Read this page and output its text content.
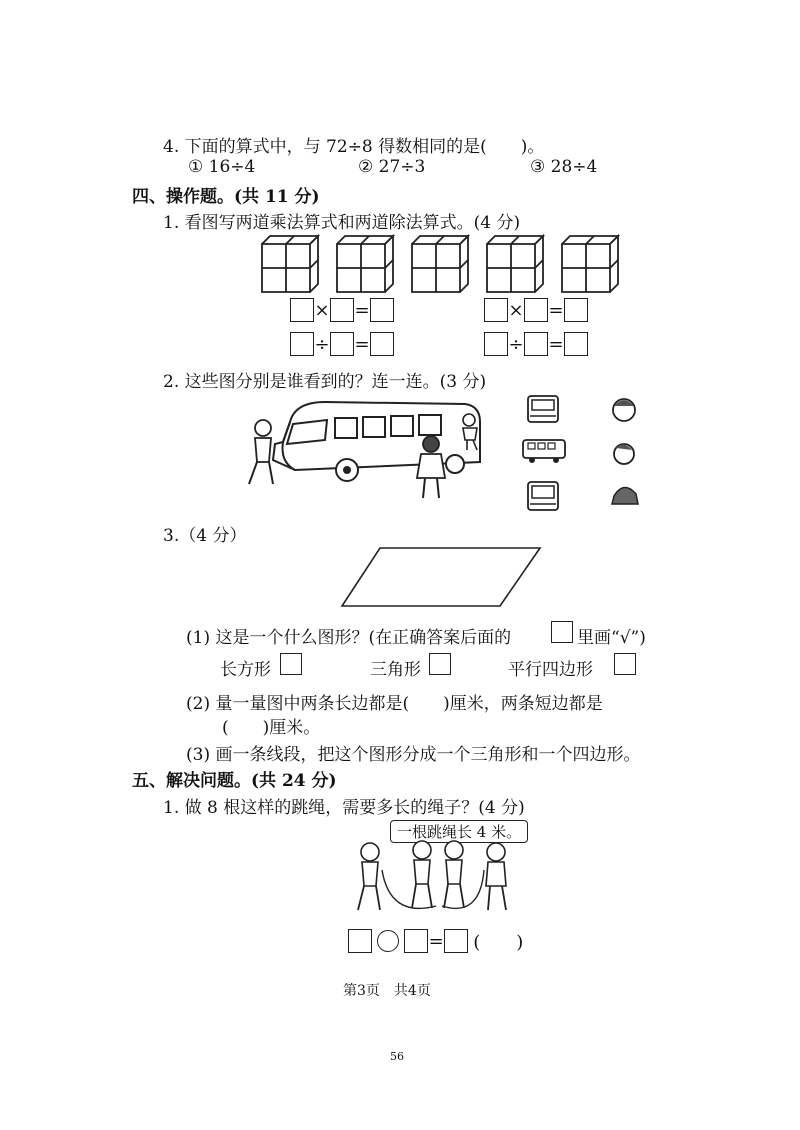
4. 下面的算式中，与 72÷8 得数相同的是(　　)。
① 16÷4	② 27÷3	③ 28÷4
四、操作题。(共 11 分)
1. 看图写两道乘法算式和两道除法算式。(4 分)
× =	× =
÷ =	÷ =
2. 这些图分别是谁看到的？连一连。(3 分)
3.（4 分）
(1) 这是一个什么图形？(在正确答案后面的	里画“√”)
长方形	三角形	平行四边形
(2) 量一量图中两条长边都是(　　)厘米，两条短边都是
(　　)厘米。
(3) 画一条线段，把这个图形分成一个三角形和一个四边形。
五、解决问题。(共 24 分)
1. 做 8 根这样的跳绳，需要多长的绳子？(4 分)
一根跳绳长 4 米。
= (　　)
第3页　共4页
56
